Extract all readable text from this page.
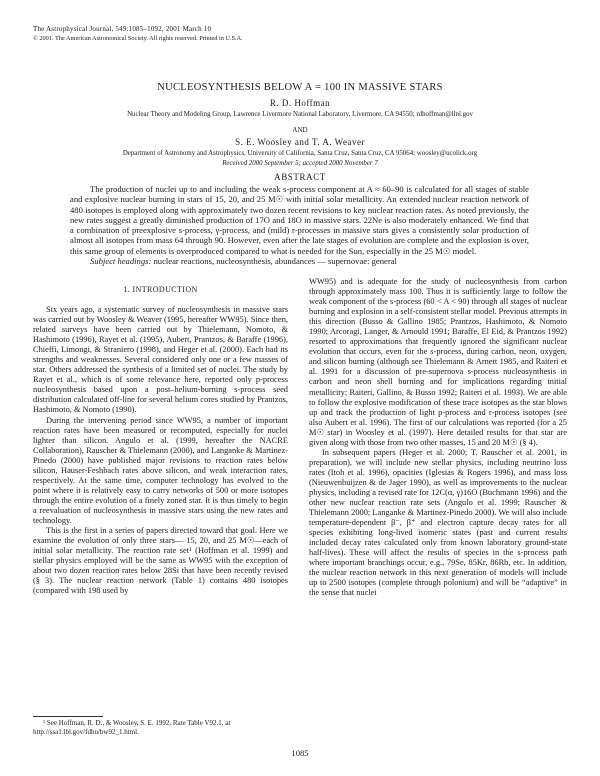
The Astrophysical Journal, 549:1085–1092, 2001 March 10
© 2001. The American Astronomical Society. All rights reserved. Printed in U.S.A.
NUCLEOSYNTHESIS BELOW A = 100 IN MASSIVE STARS
R. D. Hoffman
Nuclear Theory and Modeling Group, Lawrence Livermore National Laboratory, Livermore, CA 94550; rdhoffman@llnl.gov
AND
S. E. Woosley and T. A. Weaver
Department of Astronomy and Astrophysics, University of California, Santa Cruz, Santa Cruz, CA 95064; woosley@ucolick.org
Received 2000 September 5; accepted 2000 November 7
ABSTRACT

The production of nuclei up to and including the weak s-process component at A ≈ 60–90 is calculated for all stages of stable and explosive nuclear burning in stars of 15, 20, and 25 M☉ with initial solar metallicity. An extended nuclear reaction network of 480 isotopes is employed along with approximately two dozen recent revisions to key nuclear reaction rates. As noted previously, the new rates suggest a greatly diminished production of 17O and 18O in massive stars. 22Ne is also moderately enhanced. We find that a combination of preexplosive s-process, γ-process, and (mild) r-processes in massive stars gives a consistently solar production of almost all isotopes from mass 64 through 90. However, even after the late stages of evolution are complete and the explosion is over, this same group of elements is overproduced compared to what is needed for the Sun, especially in the 25 M☉ model.

Subject headings: nuclear reactions, nucleosynthesis, abundances — supernovae: general

1. INTRODUCTION

Six years ago, a systematic survey of nucleosynthesis in massive stars was carried out by Woosley & Weaver (1995, hereafter WW95). Since then, related surveys have been carried out by Thielemann, Nomoto, & Hashimoto (1996), Rayet et al. (1995), Aubert, Prantzos, & Baraffe (1996), Chieffi, Limongi, & Straniero (1998), and Heger et al. (2000). Each had its strengths and weaknesses. Several considered only one or a few masses of star. Others addressed the synthesis of a limited set of nuclei. The study by Rayet et al., which is of some relevance here, reported only p-process nucleosynthesis based upon a post–helium-burning s-process seed distribution calculated off-line for several helium cores studied by Prantzos, Hashimoto, & Nomoto (1990).

During the intervening period since WW95, a number of important reaction rates have been measured or recomputed, especially for nuclei lighter than silicon. Angulo et al. (1999, hereafter the NACRE Collaboration), Rauscher & Thielemann (2000), and Langanke & Martinez-Pinedo (2000) have published major revisions to reaction rates below silicon, Hauser-Feshbach rates above silicon, and weak interaction rates, respectively. At the same time, computer technology has evolved to the point where it is relatively easy to carry networks of 500 or more isotopes through the entire evolution of a finely zoned star. It is thus timely to begin a reevaluation of nucleosynthesis in massive stars using the new rates and technology.

This is the first in a series of papers directed toward that goal. Here we examine the evolution of only three stars— 15, 20, and 25 M☉—each of initial solar metallicity. The reaction rate set¹ (Hoffman et al. 1999) and stellar physics employed will be the same as WW95 with the exception of about two dozen reaction rates below 28Si that have been recently revised (§ 3). The nuclear reaction network (Table 1) contains 480 isotopes (compared with 198 used by

WW95) and is adequate for the study of nucleosynthesis from carbon through approximately mass 100. Thus it is sufficiently large to follow the weak component of the s-process (60 < A < 90) through all stages of nuclear burning and explosion in a self-consistent stellar model. Previous attempts in this direction (Busso & Gallino 1985; Prantzos, Hashimoto, & Nomoto 1990; Arcoragi, Langer, & Arnould 1991; Baraffe, El Eid, & Prantzos 1992) resorted to approximations that frequently ignored the significant nuclear evolution that occurs, even for the s-process, during carbon, neon, oxygen, and silicon burning (although see Thielemann & Arnett 1985, and Raiteri et al. 1991 for a discussion of pre-supernova s-process nucleosynthesis in carbon and neon shell burning and for implications regarding initial metallicity; Raiteri, Gallino, & Busso 1992; Raiteri et al. 1993). We are able to follow the explosive modification of these trace isotopes as the star blows up and track the production of light p-process and r-process isotopes (see also Aubert et al. 1996). The first of our calculations was reported (for a 25 M☉ star) in Woosley et al. (1997). Here detailed results for that star are given along with those from two other masses, 15 and 20 M☉ (§ 4).

In subsequent papers (Heger et al. 2000; T. Rauscher et al. 2001, in preparation), we will include new stellar physics, including neutrino loss rates (Itoh et al. 1996), opacities (Iglesias & Rogers 1996), and mass loss (Nieuwenhuijzen & de Jager 1990), as well as improvements to the nuclear physics, including a revised rate for 12C(α, γ)16O (Buchmann 1996) and the other new nuclear reaction rate sets (Angulo et al. 1999; Rauscher & Thielemann 2000; Langanke & Martinez-Pinedo 2000). We will also include temperature-dependent β⁻, β⁺ and electron capture decay rates for all species exhibiting long-lived isomeric states (past and current results included decay rates calculated only from known laboratory ground-state half-lives). These will affect the results of species in the s-process path where important branchings occur, e.g., 79Se, 85Kr, 86Rb, etc. In addition, the nuclear reaction network in this next generation of models will include up to 2500 isotopes (complete through polonium) and will be “adaptive” in the sense that nuclei

¹ See Hoffman, R. D., & Woosley, S. E. 1992, Rate Table V92.1, at http://ssa1.lbl.gov/fdhu/bw92_1.html.
1085
